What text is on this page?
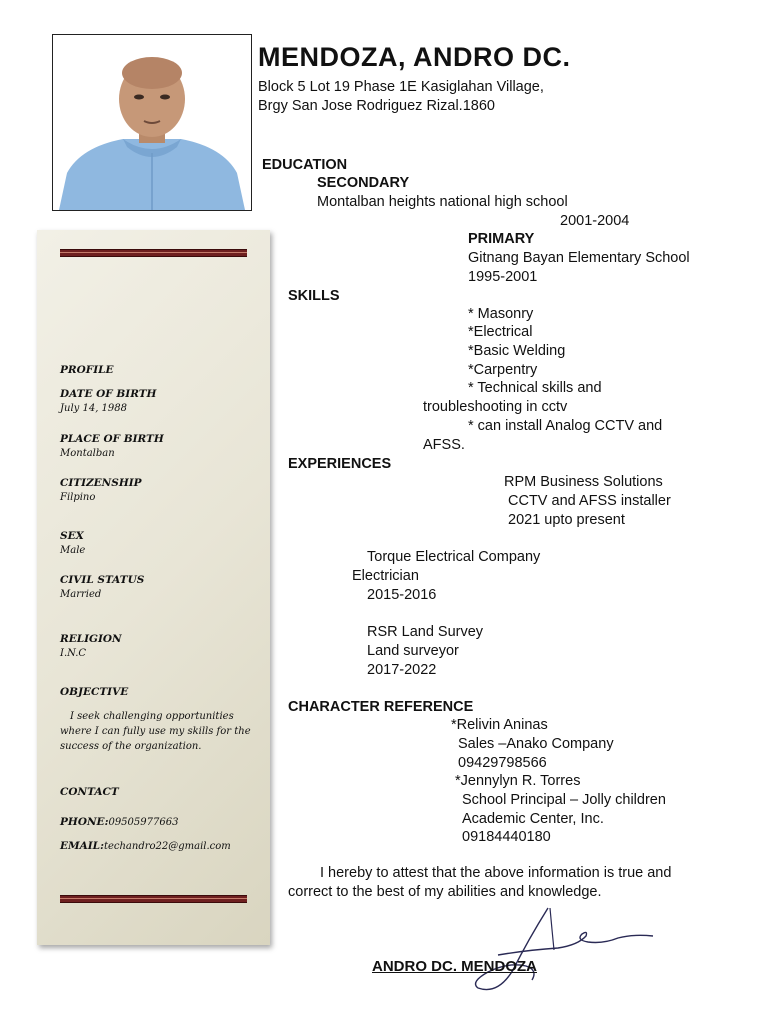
MENDOZA, ANDRO DC.
Block 5 Lot 19 Phase 1E Kasiglahan Village,
Brgy San Jose Rodriguez Rizal.1860
EDUCATION
SECONDARY
Montalban heights national high school
2001-2004
PRIMARY
Gitnang Bayan Elementary School
1995-2001
SKILLS
* Masonry
*Electrical
*Basic Welding
*Carpentry
* Technical skills and
troubleshooting in cctv
* can install Analog CCTV and
AFSS.
EXPERIENCES
RPM Business Solutions
CCTV and AFSS installer
2021 upto present
Torque Electrical Company
Electrician
2015-2016
RSR Land Survey
Land surveyor
2017-2022
CHARACTER REFERENCE
*Relivin Aninas
Sales –Anako Company
09429798566
*Jennylyn R. Torres
School Principal – Jolly children
Academic Center, Inc.
09184440180
I hereby to attest that the above information is true and
correct to the best of my abilities and knowledge.
ANDRO DC. MENDOZA
PROFILE
DATE OF BIRTH
July 14, 1988
PLACE OF BIRTH
Montalban
CITIZENSHIP
Filpino
SEX
Male
CIVIL STATUS
Married
RELIGION
I.N.C
OBJECTIVE
I seek challenging opportunities where I can fully use my skills for the success of the organization.
CONTACT
PHONE:09505977663
EMAIL:techandro22@gmail.com
